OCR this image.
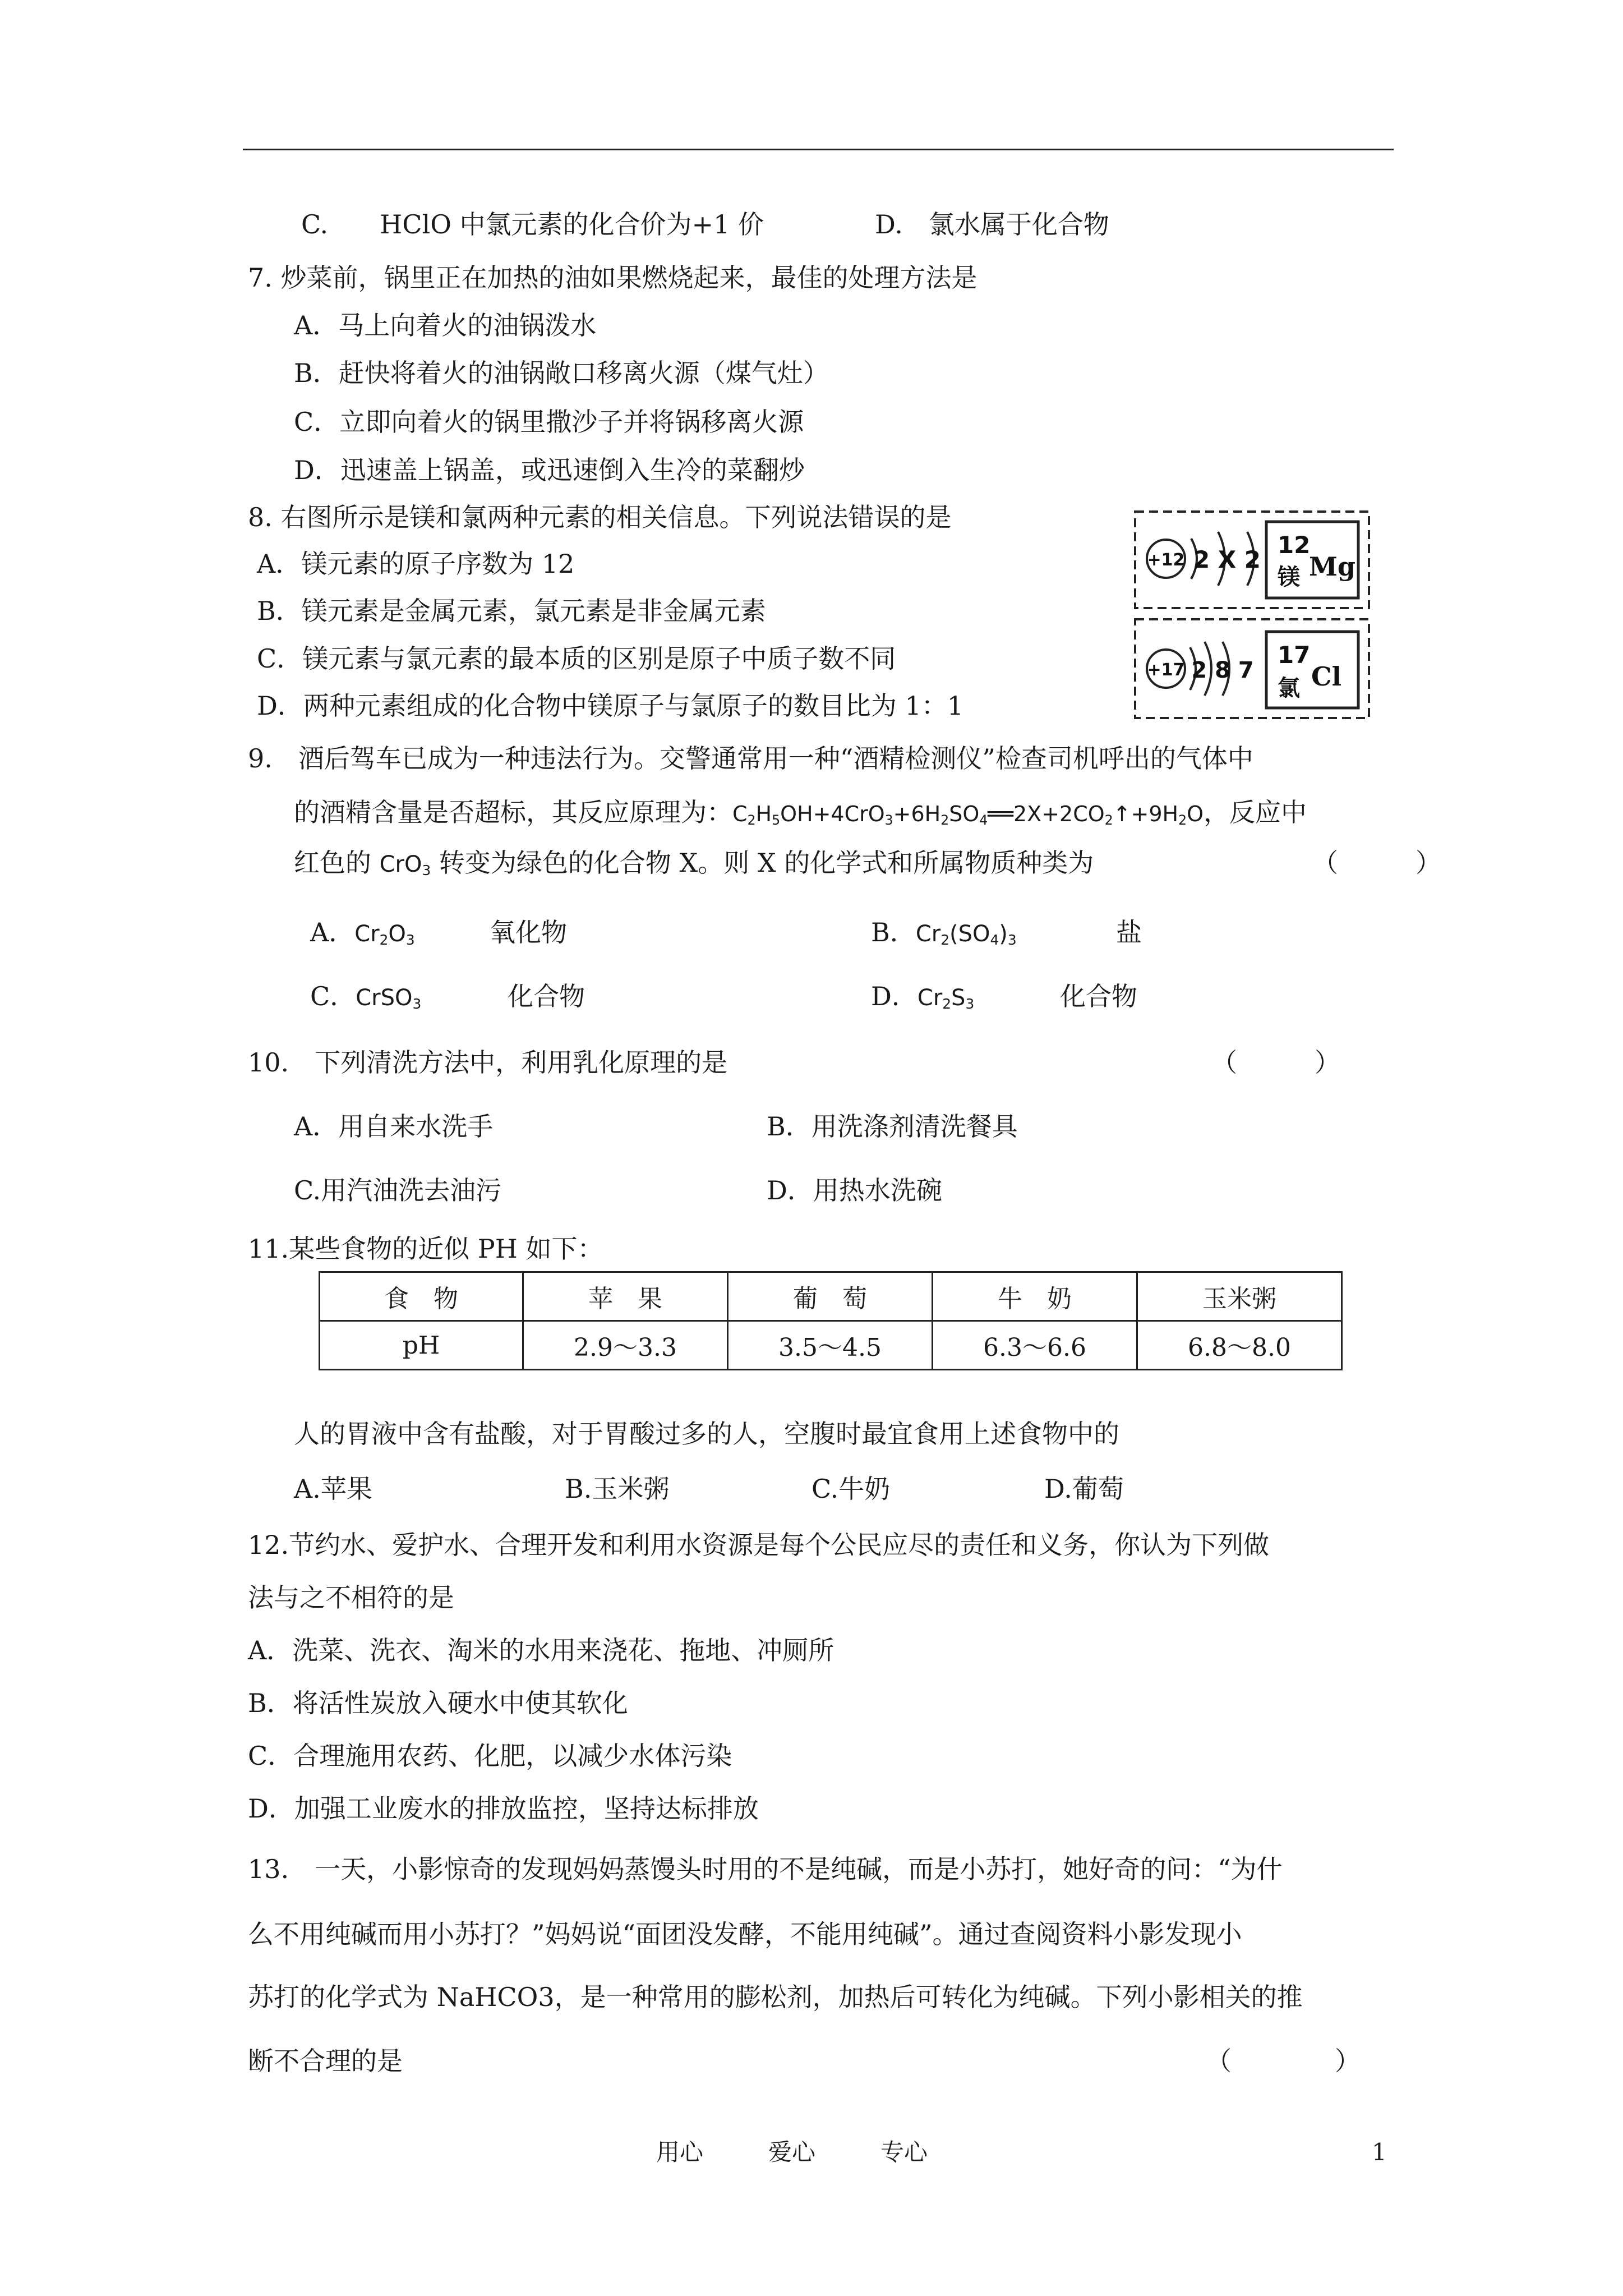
C.　　HClO 中氯元素的化合价为+1 价	D.　氯水属于化合物
7. 炒菜前，锅里正在加热的油如果燃烧起来，最佳的处理方法是
A．马上向着火的油锅泼水
B．赶快将着火的油锅敞口移离火源（煤气灶）
C．立即向着火的锅里撒沙子并将锅移离火源
D．迅速盖上锅盖，或迅速倒入生冷的菜翻炒
8. 右图所示是镁和氯两种元素的相关信息。下列说法错误的是
A．镁元素的原子序数为 12
B．镁元素是金属元素，氯元素是非金属元素
C．镁元素与氯元素的最本质的区别是原子中质子数不同
D．两种元素组成的化合物中镁原子与氯原子的数目比为 1：1
+12 2 X 2
12
镁 Mg
+17 2 8 7
17
氯 Cl
9.　酒后驾车已成为一种违法行为。交警通常用一种“酒精检测仪”检查司机呼出的气体中
的酒精含量是否超标，其反应原理为：$C_2H_5OH+4CrO_3+6H_2SO_4══2X+2CO_2↑+9H_2O$，反应中
红色的 CrO$_3$ 转变为绿色的化合物 X。则 X 的化学式和所属物质种类为	（　　　）
A．$Cr_2O_3$	氧化物	B．$Cr_2(SO_4)_3$	盐
C．CrSO$_3$	化合物	D．$Cr_2S_3$	化合物
10.　下列清洗方法中，利用乳化原理的是	（　　　）
A．用自来水洗手	B．用洗涤剂清洗餐具
C.用汽油洗去油污	D．用热水洗碗
11.某些食物的近似 PH 如下：
食　物	苹　果	葡　萄	牛　奶	玉米粥
pH	2.9～3.3	3.5～4.5	6.3～6.6	6.8～8.0
人的胃液中含有盐酸，对于胃酸过多的人，空腹时最宜食用上述食物中的
A.苹果	B.玉米粥	C.牛奶	D.葡萄
12.节约水、爱护水、合理开发和利用水资源是每个公民应尽的责任和义务，你认为下列做
法与之不相符的是
A．洗菜、洗衣、淘米的水用来浇花、拖地、冲厕所
B．将活性炭放入硬水中使其软化
C．合理施用农药、化肥，以减少水体污染
D．加强工业废水的排放监控，坚持达标排放
13.　一天，小影惊奇的发现妈妈蒸馒头时用的不是纯碱，而是小苏打，她好奇的问：“为什
么不用纯碱而用小苏打？”妈妈说“面团没发酵，不能用纯碱”。通过查阅资料小影发现小
苏打的化学式为 NaHCO3，是一种常用的膨松剂，加热后可转化为纯碱。下列小影相关的推
断不合理的是	（　　　　）
用心	爱心	专心	1
